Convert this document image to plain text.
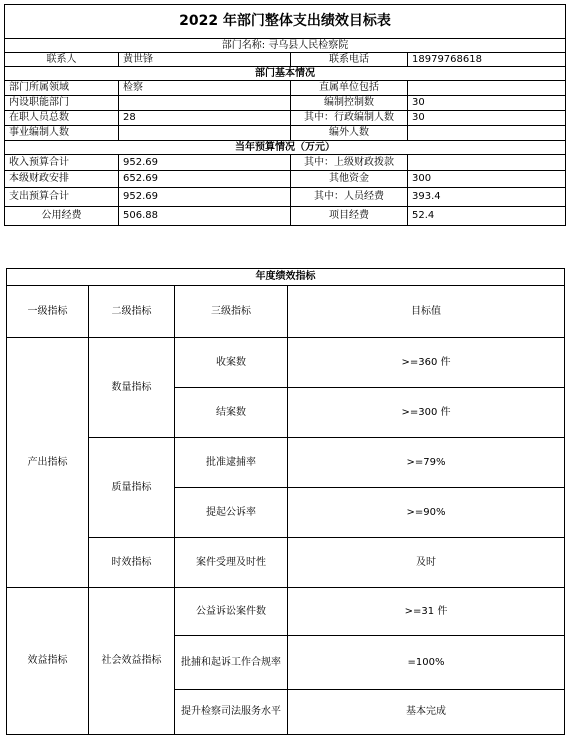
2022 年部门整体支出绩效目标表			
部门名称: 寻乌县人民检察院			
联系人	黄世锋	联系电话	18979768618
部门基本情况			
部门所属领域	检察	直属单位包括	
内设职能部门		编制控制数	30
在职人员总数	28	其中：行政编制人数	30
事业编制人数		编外人数	
当年预算情况（万元）			
收入预算合计	952.69	其中：上级财政拨款	
本级财政安排	652.69	其他资金	300
支出预算合计	952.69	其中：人员经费	393.4
公用经费	506.88	项目经费	52.4
年度绩效指标			
一级指标	二级指标	三级指标	目标值
产出指标	数量指标	收案数	>=360 件
		结案数	>=300 件
	质量指标	批准逮捕率	>=79%
		提起公诉率	>=90%
	时效指标	案件受理及时性	及时
效益指标	社会效益指标	公益诉讼案件数	>=31 件
		批捕和起诉工作合规率	=100%
		提升检察司法服务水平	基本完成
